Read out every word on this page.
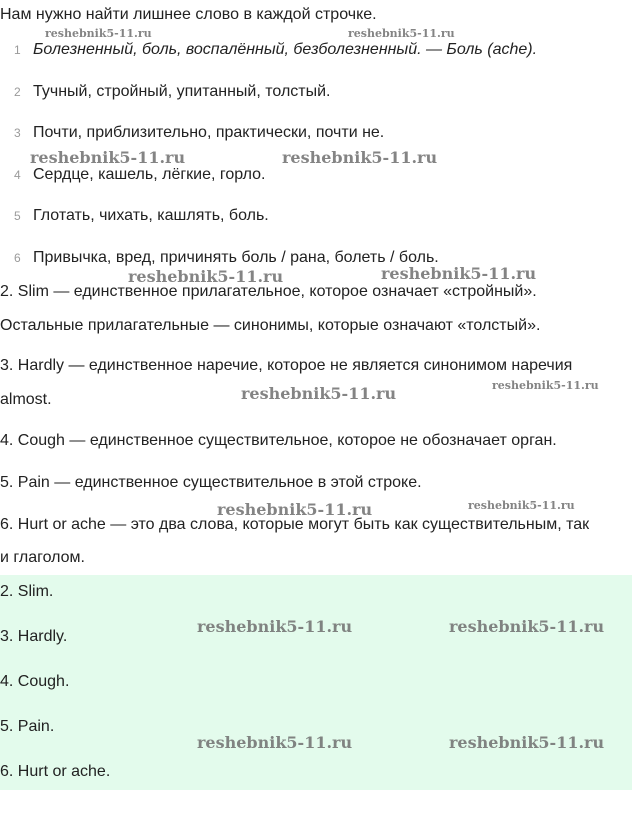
Нам нужно найти лишнее слово в каждой строчке.
1 Болезненный, боль, воспалённый, безболезненный. — Боль (ache).
2 Тучный, стройный, упитанный, толстый.
3 Почти, приблизительно, практически, почти не.
4 Сердце, кашель, лёгкие, горло.
5 Глотать, чихать, кашлять, боль.
6 Привычка, вред, причинять боль / рана, болеть / боль.
2. Slim — единственное прилагательное, которое означает «стройный».
Остальные прилагательные — синонимы, которые означают «толстый».
3. Hardly — единственное наречие, которое не является синонимом наречия
almost.
4. Cough — единственное существительное, которое не обозначает орган.
5. Pain — единственное существительное в этой строке.
6. Hurt or ache — это два слова, которые могут быть как существительным, так
и глаголом.
2. Slim.
3. Hardly.
4. Cough.
5. Pain.
6. Hurt or ache.
reshebnik5-11.ru	reshebnik5-11.ru
reshebnik5-11.ru	reshebnik5-11.ru
reshebnik5-11.ru	reshebnik5-11.ru
reshebnik5-11.ru	reshebnik5-11.ru
reshebnik5-11.ru	reshebnik5-11.ru
reshebnik5-11.ru	reshebnik5-11.ru
reshebnik5-11.ru	reshebnik5-11.ru
